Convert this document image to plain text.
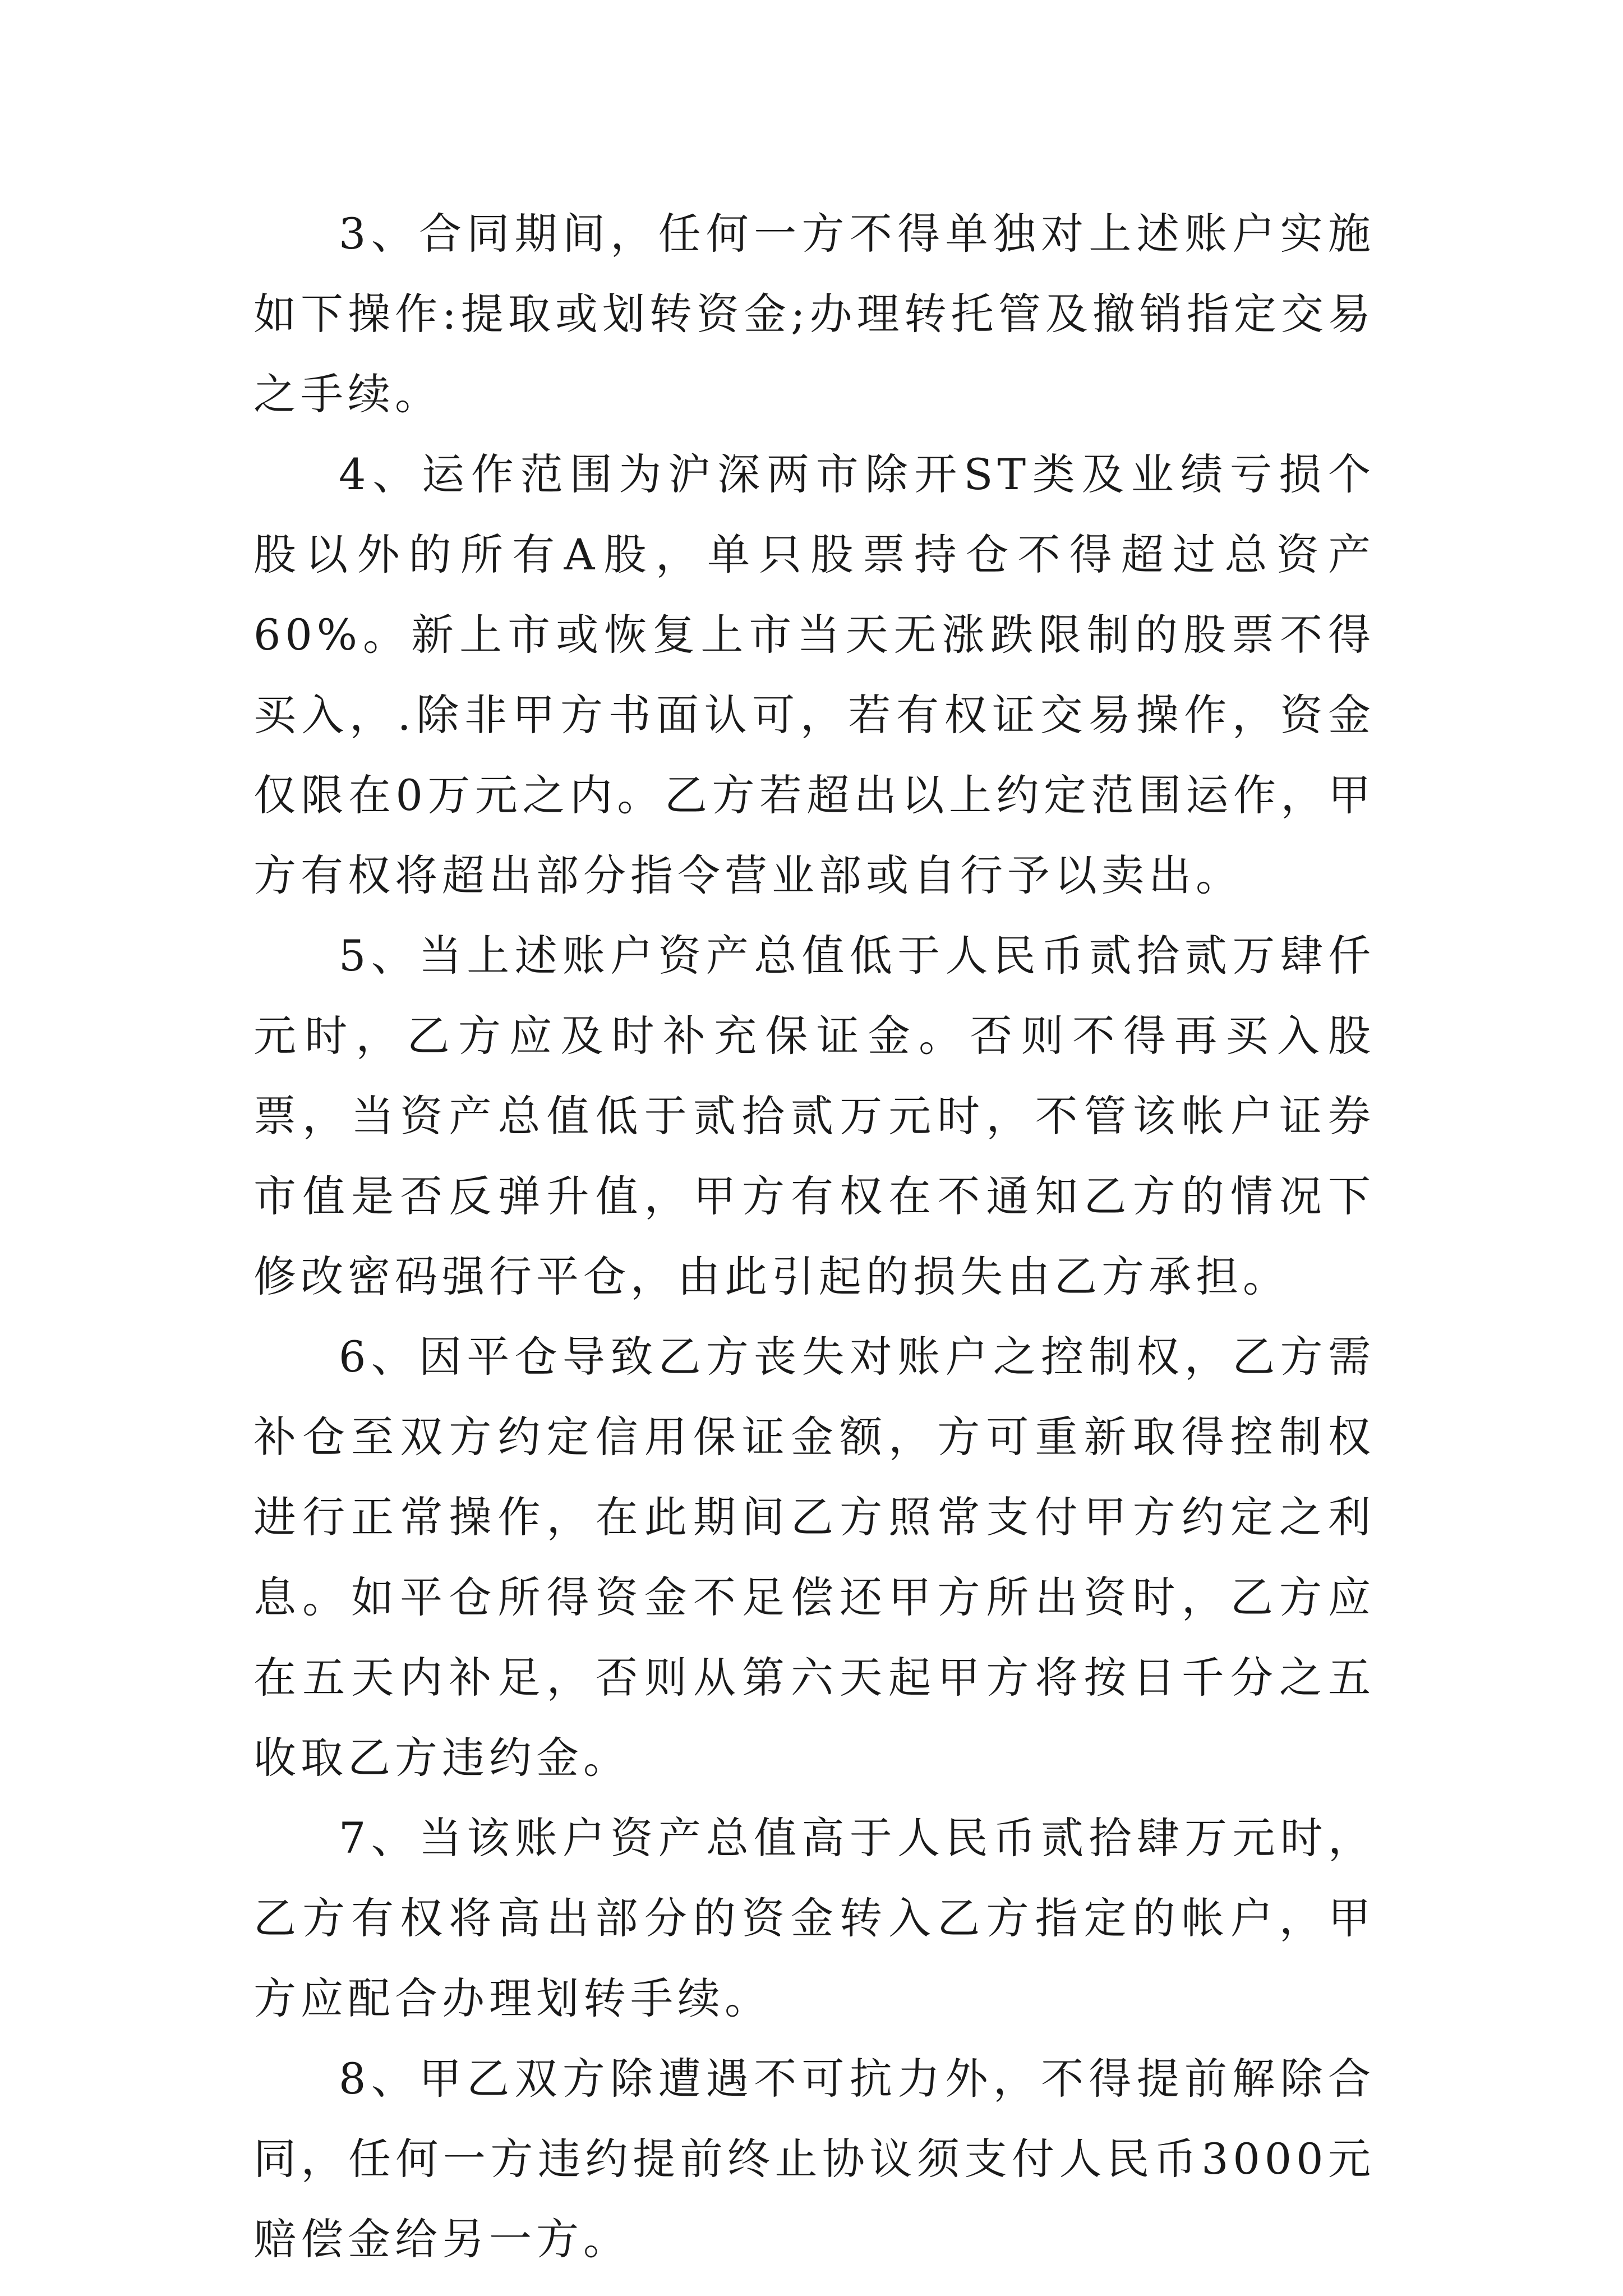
3、合同期间，任何一方不得单独对上述账户实施如下操作:提取或划转资金;办理转托管及撤销指定交易之手续。

4、运作范围为沪深两市除开ST类及业绩亏损个股以外的所有A股，单只股票持仓不得超过总资产60%。新上市或恢复上市当天无涨跌限制的股票不得买入，.除非甲方书面认可，若有权证交易操作，资金仅限在0万元之内。乙方若超出以上约定范围运作，甲方有权将超出部分指令营业部或自行予以卖出。

5、当上述账户资产总值低于人民币贰拾贰万肆仟元时，乙方应及时补充保证金。否则不得再买入股票，当资产总值低于贰拾贰万元时，不管该帐户证券市值是否反弹升值，甲方有权在不通知乙方的情况下修改密码强行平仓，由此引起的损失由乙方承担。

6、因平仓导致乙方丧失对账户之控制权，乙方需补仓至双方约定信用保证金额，方可重新取得控制权进行正常操作，在此期间乙方照常支付甲方约定之利息。如平仓所得资金不足偿还甲方所出资时，乙方应在五天内补足，否则从第六天起甲方将按日千分之五收取乙方违约金。

7、当该账户资产总值高于人民币贰拾肆万元时，乙方有权将高出部分的资金转入乙方指定的帐户，甲方应配合办理划转手续。

8、甲乙双方除遭遇不可抗力外，不得提前解除合同，任何一方违约提前终止协议须支付人民币3000元赔偿金给另一方。
